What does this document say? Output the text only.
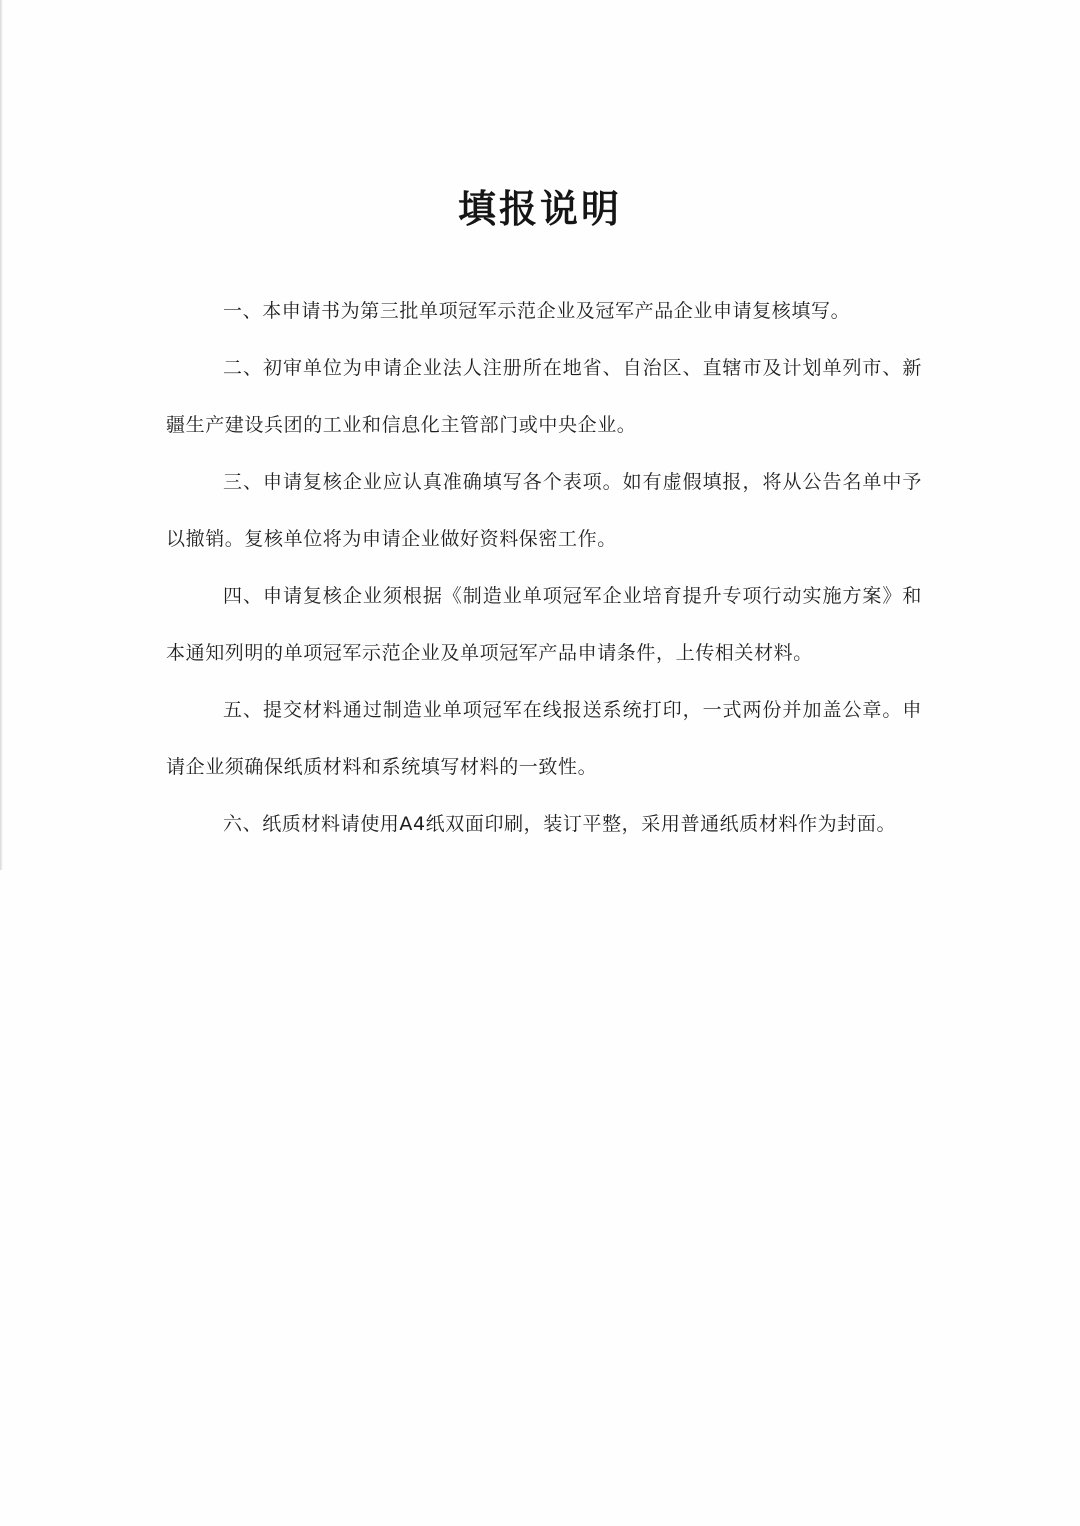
填报说明

一、本申请书为第三批单项冠军示范企业及冠军产品企业申请复核填写。

二、初审单位为申请企业法人注册所在地省、自治区、直辖市及计划单列市、新疆生产建设兵团的工业和信息化主管部门或中央企业。

三、申请复核企业应认真准确填写各个表项。如有虚假填报，将从公告名单中予以撤销。复核单位将为申请企业做好资料保密工作。

四、申请复核企业须根据《制造业单项冠军企业培育提升专项行动实施方案》和本通知列明的单项冠军示范企业及单项冠军产品申请条件，上传相关材料。

五、提交材料通过制造业单项冠军在线报送系统打印，一式两份并加盖公章。申请企业须确保纸质材料和系统填写材料的一致性。

六、纸质材料请使用A4纸双面印刷，装订平整，采用普通纸质材料作为封面。
